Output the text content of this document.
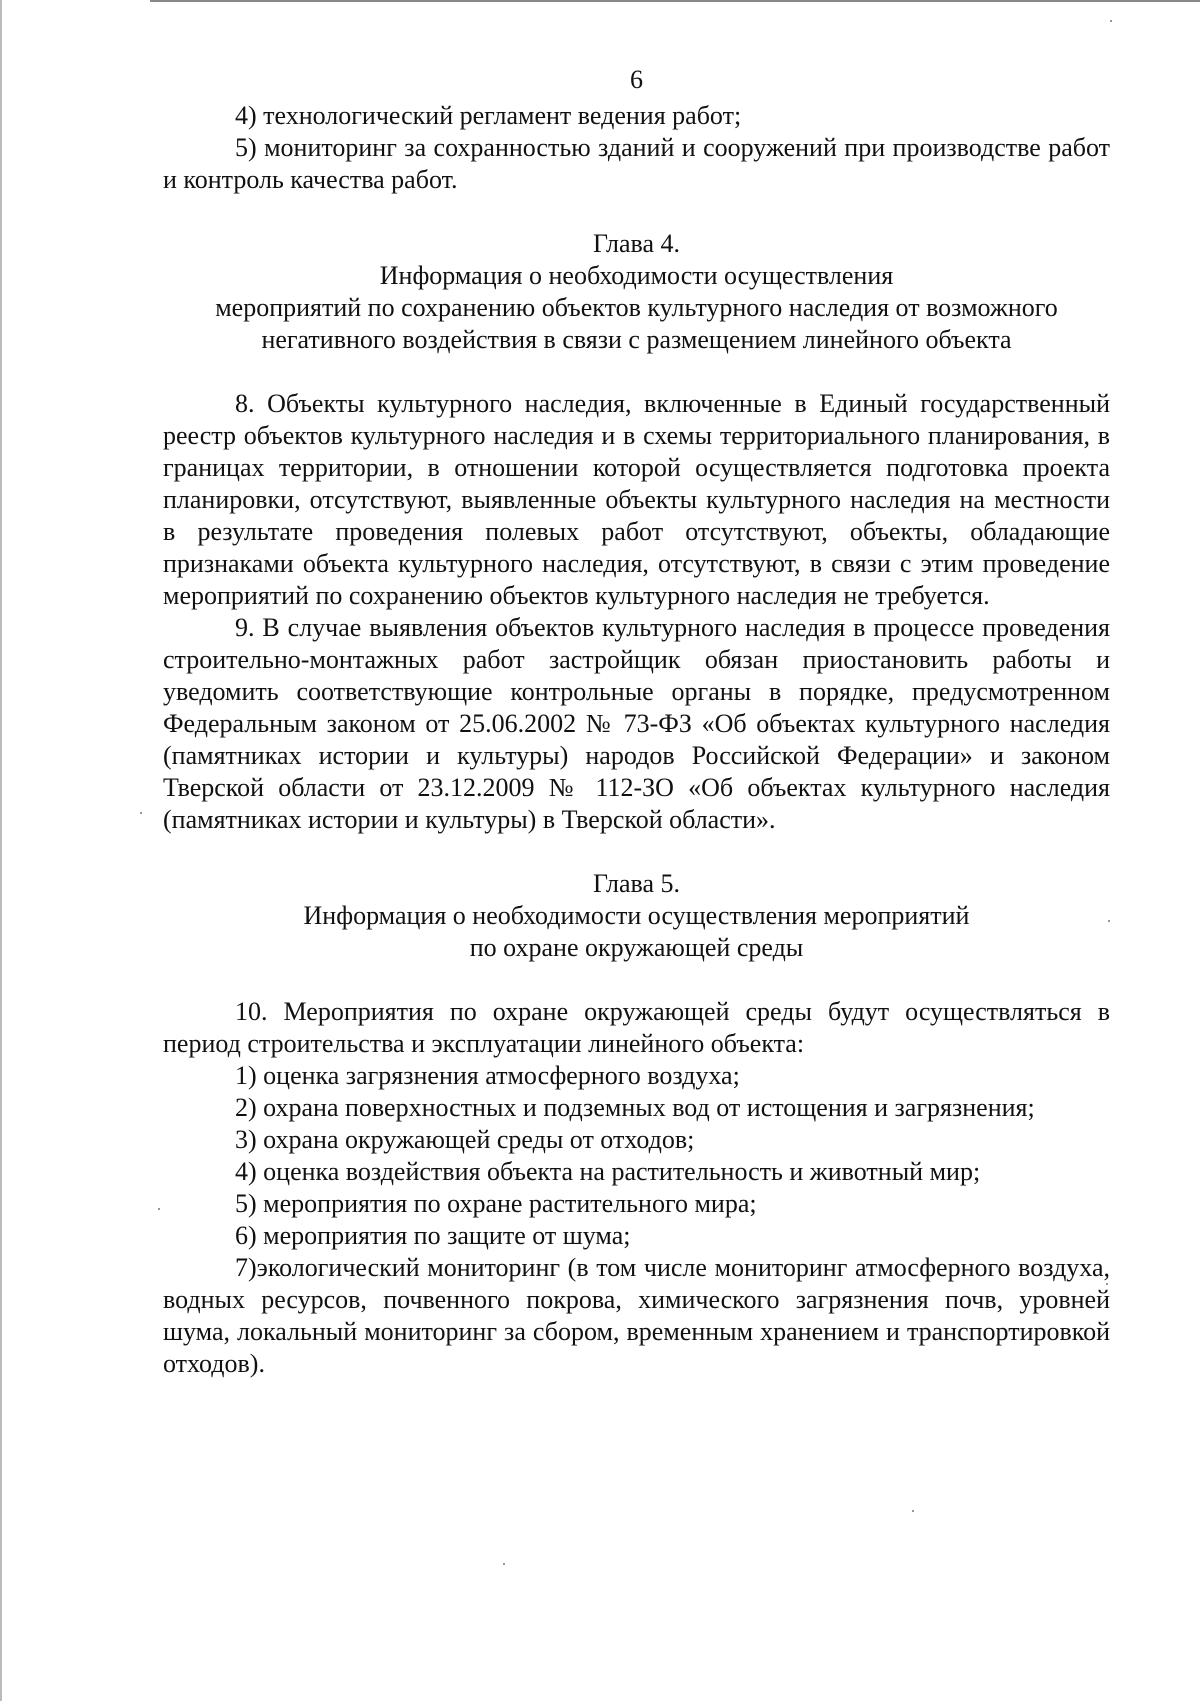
6

4) технологический регламент ведения работ;

5) мониторинг за сохранностью зданий и сооружений при производстве работ и контроль качества работ.

Глава 4.
Информация о необходимости осуществления
мероприятий по сохранению объектов культурного наследия от возможного
негативного воздействия в связи с размещением линейного объекта

8. Объекты культурного наследия, включенные в Единый государственный реестр объектов культурного наследия и в схемы территориального планирования, в границах территории, в отношении которой осуществляется подготовка проекта планировки, отсутствуют, выявленные объекты культурного наследия на местности в результате проведения полевых работ отсутствуют, объекты, обладающие признаками объекта культурного наследия, отсутствуют, в связи с этим проведение мероприятий по сохранению объектов культурного наследия не требуется.

9. В случае выявления объектов культурного наследия в процессе проведения строительно-монтажных работ застройщик обязан приостановить работы и уведомить соответствующие контрольные органы в порядке, предусмотренном Федеральным законом от 25.06.2002 № 73-ФЗ «Об объектах культурного наследия (памятниках истории и культуры) народов Российской Федерации» и законом Тверской области от 23.12.2009 № 112-ЗО «Об объектах культурного наследия (памятниках истории и культуры) в Тверской области».

Глава 5.
Информация о необходимости осуществления мероприятий
по охране окружающей среды

10. Мероприятия по охране окружающей среды будут осуществляться в период строительства и эксплуатации линейного объекта:

1) оценка загрязнения атмосферного воздуха;

2) охрана поверхностных и подземных вод от истощения и загрязнения;

3) охрана окружающей среды от отходов;

4) оценка воздействия объекта на растительность и животный мир;

5) мероприятия по охране растительного мира;

6) мероприятия по защите от шума;

7)экологический мониторинг (в том числе мониторинг атмосферного воздуха, водных ресурсов, почвенного покрова, химического загрязнения почв, уровней шума, локальный мониторинг за сбором, временным хранением и транспортировкой отходов).
